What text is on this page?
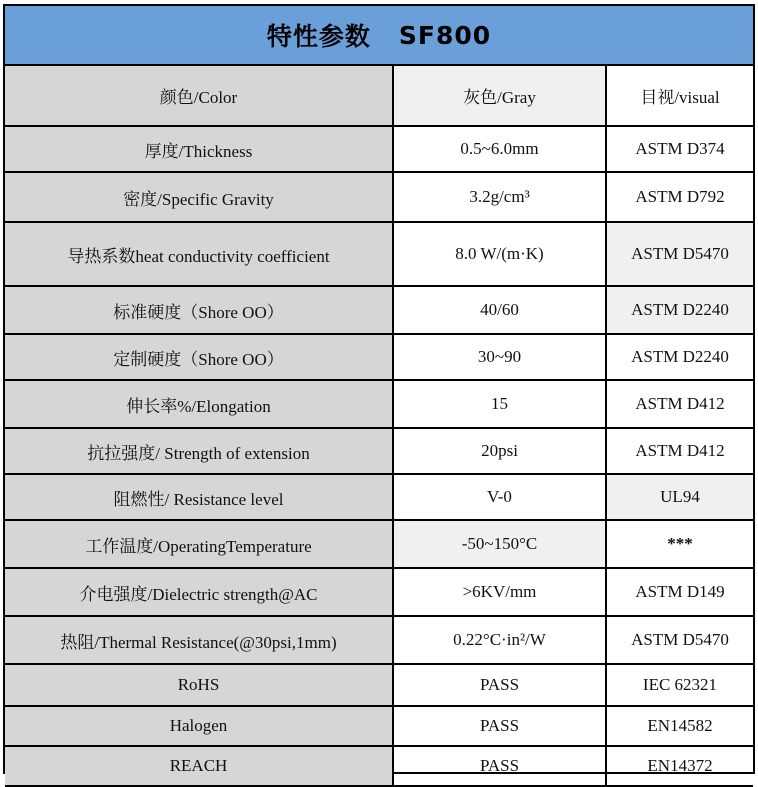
特性参数 SF800
颜色/Color	灰色/Gray	目视/visual
厚度/Thickness	0.5~6.0mm	ASTM D374
密度/Specific Gravity	3.2g/cm³	ASTM D792
导热系数heat conductivity coefficient	8.0 W/(m·K)	ASTM D5470
标准硬度（Shore OO）	40/60	ASTM D2240
定制硬度（Shore OO）	30~90	ASTM D2240
伸长率%/Elongation	15	ASTM D412
抗拉强度/ Strength of extension	20psi	ASTM D412
阻燃性/ Resistance level	V-0	UL94
工作温度/OperatingTemperature	-50~150°C	***
介电强度/Dielectric strength@AC	>6KV/mm	ASTM D149
热阻/Thermal Resistance(@30psi,1mm)	0.22°C·in²/W	ASTM D5470
RoHS	PASS	IEC 62321
Halogen	PASS	EN14582
REACH	PASS	EN14372
